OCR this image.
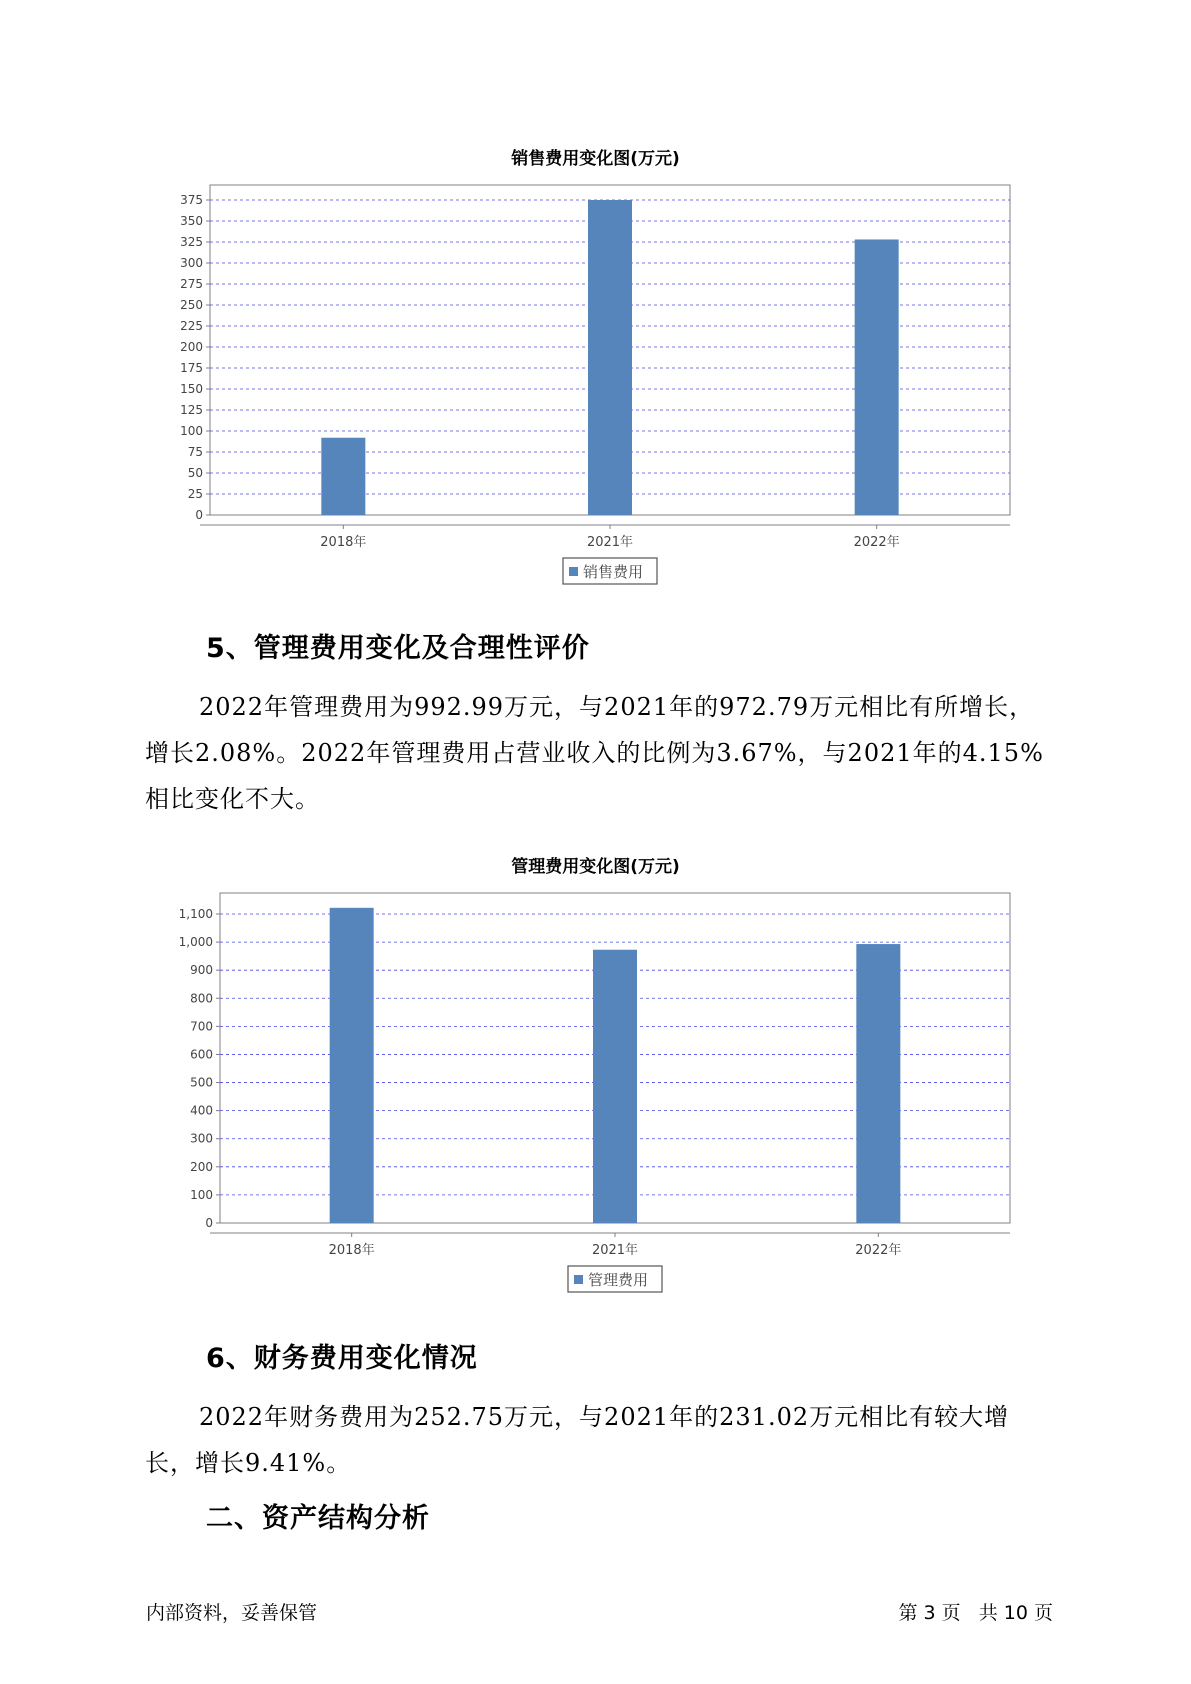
销售费用变化图(万元)
0
25
50
75
100
125
150
175
200
225
250
275
300
325
350
375
2018年	2021年	2022年
销售费用
5、管理费用变化及合理性评价
2022年管理费用为992.99万元，与2021年的972.79万元相比有所增长，增长2.08%。2022年管理费用占营业收入的比例为3.67%，与2021年的4.15%相比变化不大。
管理费用变化图(万元)
0
100
200
300
400
500
600
700
800
900
1,000
1,100
2018年	2021年	2022年
管理费用
6、财务费用变化情况
2022年财务费用为252.75万元，与2021年的231.02万元相比有较大增长，增长9.41%。
二、资产结构分析
内部资料，妥善保管	第 3 页   共 10 页
